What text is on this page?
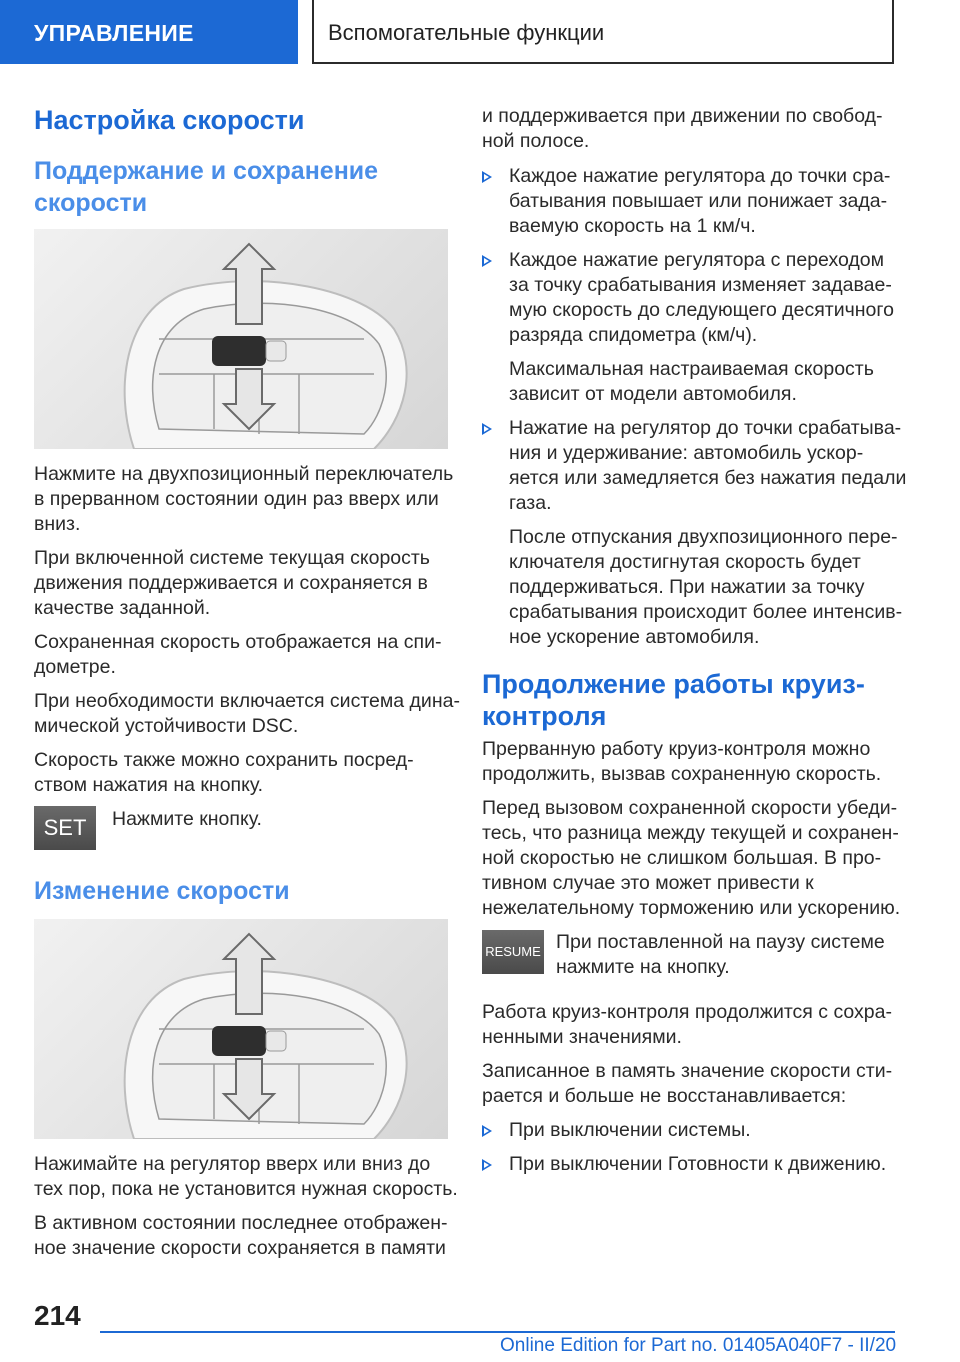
УПРАВЛЕНИЕ	Вспомогательные функции
Настройка скорости
Поддержание и сохранение
скорости
Нажмите на двухпозиционный переключатель
в прерванном состоянии один раз вверх или
вниз.
При включенной системе текущая скорость
движения поддерживается и сохраняется в
качестве заданной.
Сохраненная скорость отображается на спи-
дометре.
При необходимости включается система дина-
мической устойчивости DSC.
Скорость также можно сохранить посред-
ством нажатия на кнопку.
SET	Нажмите кнопку.
Изменение скорости
Нажимайте на регулятор вверх или вниз до
тех пор, пока не установится нужная скорость.
В активном состоянии последнее отображен-
ное значение скорости сохраняется в памяти
и поддерживается при движении по свобод-
ной полосе.
Каждое нажатие регулятора до точки сра-
батывания повышает или понижает зада-
ваемую скорость на 1 км/ч.
Каждое нажатие регулятора с переходом
за точку срабатывания изменяет задавае-
мую скорость до следующего десятичного
разряда спидометра (км/ч).
Максимальная настраиваемая скорость
зависит от модели автомобиля.
Нажатие на регулятор до точки срабатыва-
ния и удерживание: автомобиль ускор-
яется или замедляется без нажатия педали
газа.
После отпускания двухпозиционного пере-
ключателя достигнутая скорость будет
поддерживаться. При нажатии за точку
срабатывания происходит более интенсив-
ное ускорение автомобиля.
Продолжение работы круиз-
контроля
Прерванную работу круиз-контроля можно
продолжить, вызвав сохраненную скорость.
Перед вызовом сохраненной скорости убеди-
тесь, что разница между текущей и сохранен-
ной скоростью не слишком большая. В про-
тивном случае это может привести к
нежелательному торможению или ускорению.
RESUME При поставленной на паузу системе
нажмите на кнопку.
Работа круиз-контроля продолжится с сохра-
ненными значениями.
Записанное в память значение скорости сти-
рается и больше не восстанавливается:
При выключении системы.
При выключении Готовности к движению.
214
Online Edition for Part no. 01405A040F7 - II/20
